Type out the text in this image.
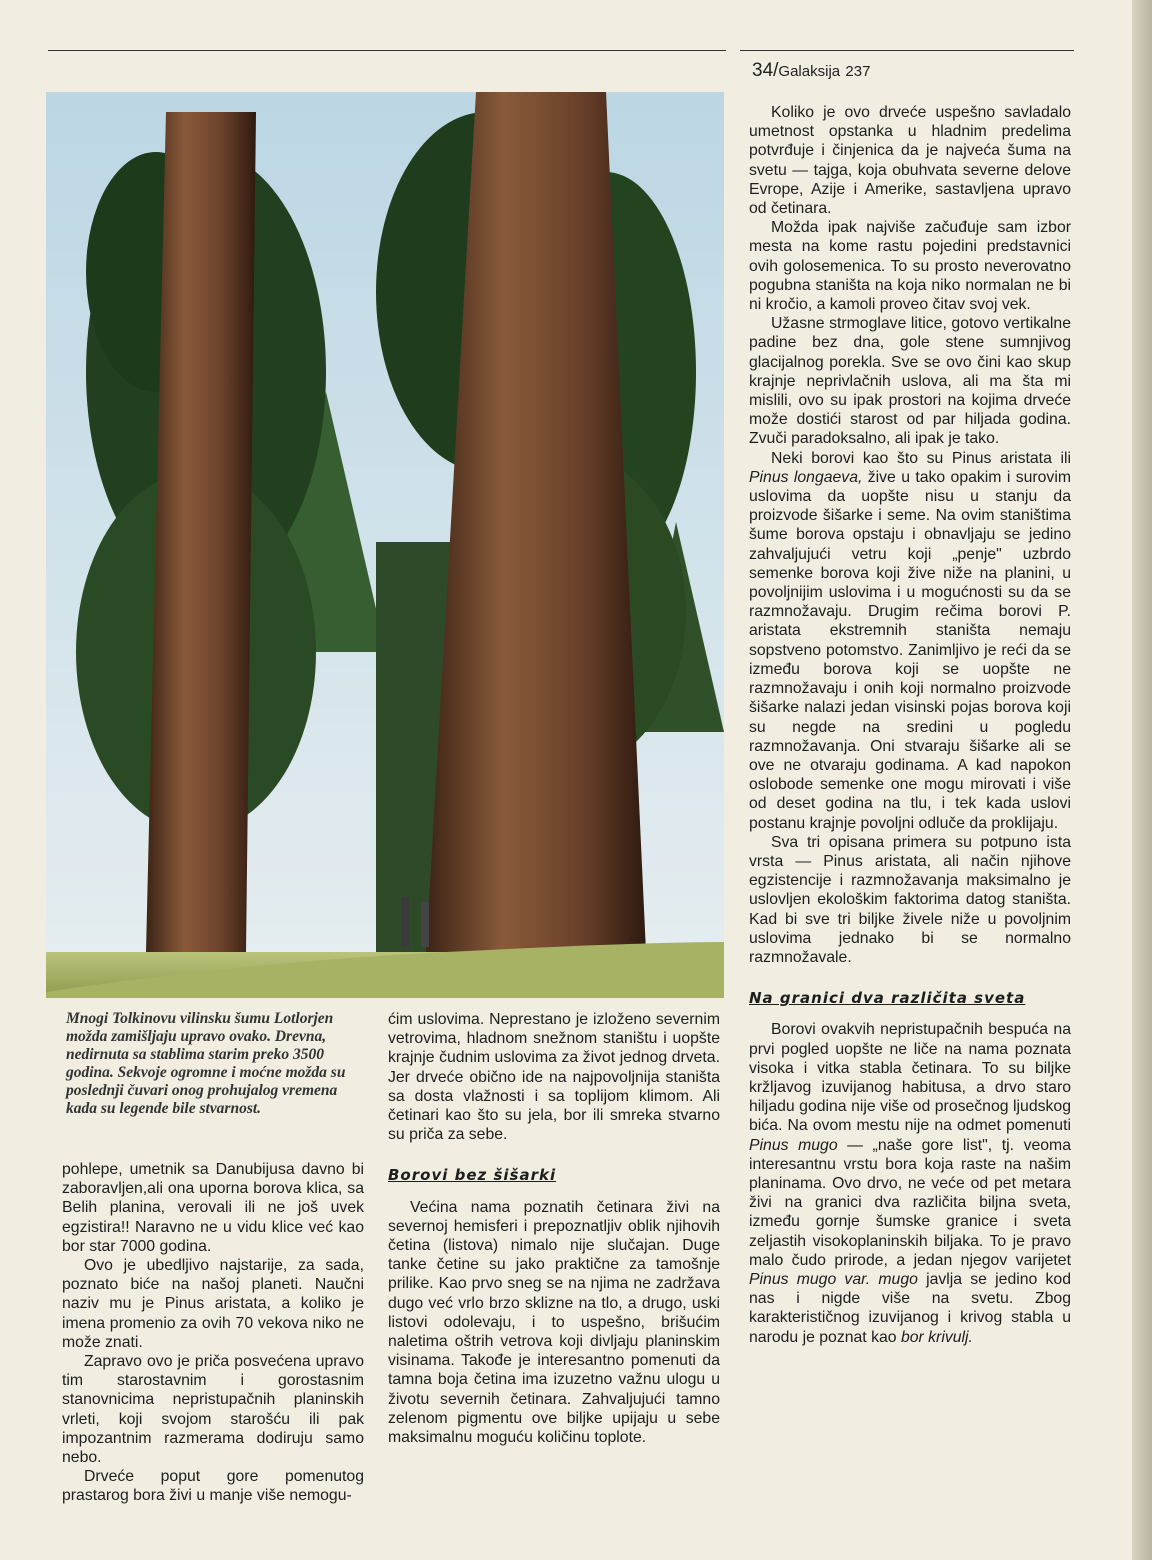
34/Galaksija 237
Mnogi Tolkinovu vilinsku šumu Lotlorjen možda zamišljaju upravo ovako. Drevna, nedirnuta sa stablima starim preko 3500 godina. Sekvoje ogromne i moćne možda su poslednji čuvari onog prohujalog vremena kada su legende bile stvarnost.

pohlepe, umetnik sa Danubijusa davno bi zaboravljen,ali ona uporna borova klica, sa Belih planina, verovali ili ne još uvek egzistira!! Naravno ne u vidu klice već kao bor star 7000 godina.

Ovo je ubedljivo najstarije, za sada, poznato biće na našoj planeti. Naučni naziv mu je Pinus aristata, a koliko je imena promenio za ovih 70 vekova niko ne može znati.

Zapravo ovo je priča posvećena upravo tim starostavnim i gorostasnim stanovnicima nepristupačnih planinskih vrleti, koji svojom starošću ili pak impozantnim razmerama dodiruju samo nebo.

Drveće poput gore pomenutog prastarog bora živi u manje više nemogu-

ćim uslovima. Neprestano je izloženo severnim vetrovima, hladnom snežnom staništu i uopšte krajnje čudnim uslovima za život jednog drveta. Jer drveće obično ide na najpovoljnija staništa sa dosta vlažnosti i sa toplijom klimom. Ali četinari kao što su jela, bor ili smreka stvarno su priča za sebe.

Borovi bez šišarki

Većina nama poznatih četinara živi na severnoj hemisferi i prepoznatljiv oblik njihovih četina (listova) nimalo nije slučajan. Duge tanke četine su jako praktične za tamošnje prilike. Kao prvo sneg se na njima ne zadržava dugo već vrlo brzo sklizne na tlo, a drugo, uski listovi odolevaju, i to uspešno, brišućim naletima oštrih vetrova koji divljaju planinskim visinama. Takođe je interesantno pomenuti da tamna boja četina ima izuzetno važnu ulogu u životu severnih četinara. Zahvaljujući tamno zelenom pigmentu ove biljke upijaju u sebe maksimalnu moguću količinu toplote.

Koliko je ovo drveće uspešno savladalo umetnost opstanka u hladnim predelima potvrđuje i činjenica da je najveća šuma na svetu — tajga, koja obuhvata severne delove Evrope, Azije i Amerike, sastavljena upravo od četinara.

Možda ipak najviše začuđuje sam izbor mesta na kome rastu pojedini predstavnici ovih golosemenica. To su prosto neverovatno pogubna staništa na koja niko normalan ne bi ni kročio, a kamoli proveo čitav svoj vek.

Užasne strmoglave litice, gotovo vertikalne padine bez dna, gole stene sumnjivog glacijalnog porekla. Sve se ovo čini kao skup krajnje neprivlačnih uslova, ali ma šta mi mislili, ovo su ipak prostori na kojima drveće može dostići starost od par hiljada godina. Zvuči paradoksalno, ali ipak je tako.

Neki borovi kao što su Pinus aristata ili Pinus longaeva, žive u tako opakim i surovim uslovima da uopšte nisu u stanju da proizvode šišarke i seme. Na ovim staništima šume borova opstaju i obnavljaju se jedino zahvaljujući vetru koji „penje" uzbrdo semenke borova koji žive niže na planini, u povoljnijim uslovima i u mogućnosti su da se razmnožavaju. Drugim rečima borovi P. aristata ekstremnih staništa nemaju sopstveno potomstvo. Zanimljivo je reći da se između borova koji se uopšte ne razmnožavaju i onih koji normalno proizvode šišarke nalazi jedan visinski pojas borova koji su negde na sredini u pogledu razmnožavanja. Oni stvaraju šišarke ali se ove ne otvaraju godinama. A kad napokon oslobode semenke one mogu mirovati i više od deset godina na tlu, i tek kada uslovi postanu krajnje povoljni odluče da proklijaju.

Sva tri opisana primera su potpuno ista vrsta — Pinus aristata, ali način njihove egzistencije i razmnožavanja maksimalno je uslovljen ekološkim faktorima datog staništa. Kad bi sve tri biljke živele niže u povoljnim uslovima jednako bi se normalno razmnožavale.

Na granici dva različita sveta

Borovi ovakvih nepristupačnih bespuća na prvi pogled uopšte ne liče na nama poznata visoka i vitka stabla četinara. To su biljke kržljavog izuvijanog habitusa, a drvo staro hiljadu godina nije više od prosečnog ljudskog bića. Na ovom mestu nije na odmet pomenuti Pinus mugo — „naše gore list", tj. veoma interesantnu vrstu bora koja raste na našim planinama. Ovo drvo, ne veće od pet metara živi na granici dva različita biljna sveta, između gornje šumske granice i sveta zeljastih visokoplaninskih biljaka. To je pravo malo čudo prirode, a jedan njegov varijetet Pinus mugo var. mugo javlja se jedino kod nas i nigde više na svetu. Zbog karakterističnog izuvijanog i krivog stabla u narodu je poznat kao bor krivulj.
